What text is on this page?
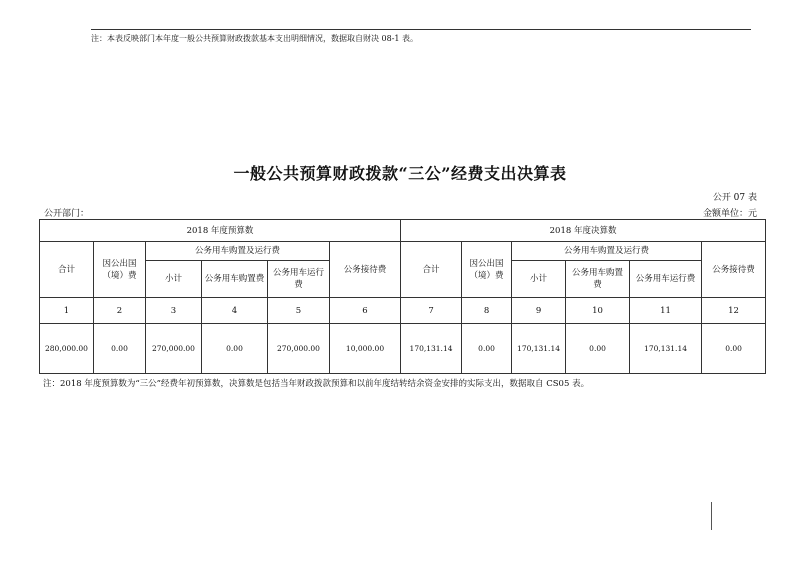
注：本表反映部门本年度一般公共预算财政拨款基本支出明细情况，数据取自财决 08-1 表。
一般公共预算财政拨款“三公”经费支出决算表
公开 07 表
公开部门：	金额单位：元
2018 年度预算数						2018 年度决算数					
合计	因公出国（境）费	公务用车购置及运行费			公务接待费	合计	因公出国（境）费	公务用车购置及运行费			公务接待费
		小计	公务用车购置费	公务用车运行费				小计	公务用车购置费	公务用车运行费	
1	2	3	4	5	6	7	8	9	10	11	12
280,000.00	0.00	270,000.00	0.00	270,000.00	10,000.00	170,131.14	0.00	170,131.14	0.00	170,131.14	0.00
注：2018 年度预算数为“三公”经费年初预算数，决算数是包括当年财政拨款预算和以前年度结转结余资金安排的实际支出，数据取自 CS05 表。
